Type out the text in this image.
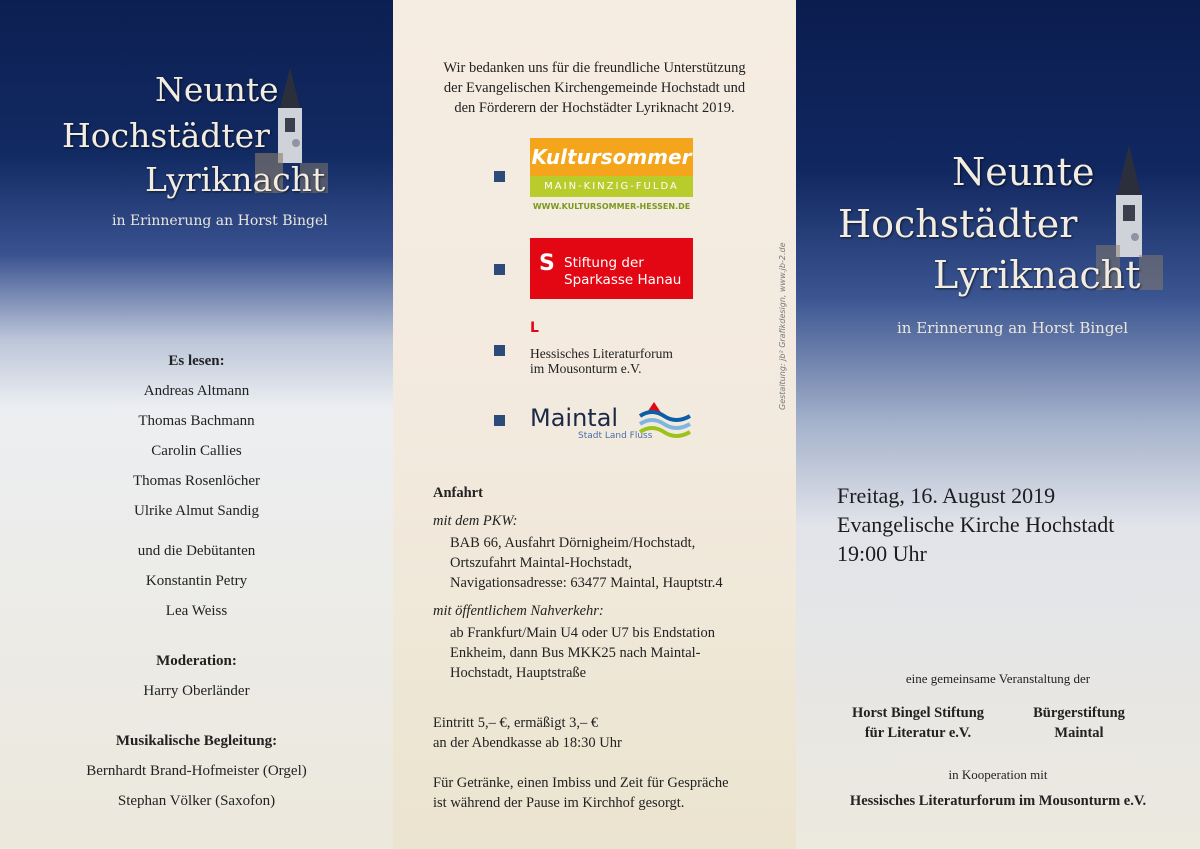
Neunte
Hochstädter
Lyriknacht
in Erinnerung an Horst Bingel
Es lesen:
Andreas Altmann
Thomas Bachmann
Carolin Callies
Thomas Rosenlöcher
Ulrike Almut Sandig
und die Debütanten
Konstantin Petry
Lea Weiss
Moderation:
Harry Oberländer
Musikalische Begleitung:
Bernhardt Brand-Hofmeister (Orgel)
Stephan Völker (Saxofon)
Wir bedanken uns für die freundliche Unterstützung
der Evangelischen Kirchengemeinde Hochstadt und
den Förderern der Hochstädter Lyriknacht 2019.
Kultursommer
MAIN-KINZIG-FULDA
WWW.KULTURSOMMER-HESSEN.DE
S Stiftung der
Sparkasse Hanau
L
Hessisches Literaturforum
im Mousonturm e.V.
Maintal
Stadt Land Fluss
Gestaltung: jb² Grafikdesign, www.jb-2.de
Anfahrt
mit dem PKW:
BAB 66, Ausfahrt Dörnigheim/Hochstadt,
Ortszufahrt Maintal-Hochstadt,
Navigationsadresse: 63477 Maintal, Hauptstr.4
mit öffentlichem Nahverkehr:
ab Frankfurt/Main U4 oder U7 bis Endstation
Enkheim, dann Bus MKK25 nach Maintal-
Hochstadt, Hauptstraße
Eintritt 5,– €, ermäßigt 3,– €
an der Abendkasse ab 18:30 Uhr
Für Getränke, einen Imbiss und Zeit für Gespräche
ist während der Pause im Kirchhof gesorgt.
Neunte
Hochstädter
Lyriknacht
in Erinnerung an Horst Bingel
Freitag, 16. August 2019
Evangelische Kirche Hochstadt
19:00 Uhr
eine gemeinsame Veranstaltung der
Horst Bingel Stiftung
für Literatur e.V.
Bürgerstiftung
Maintal
in Kooperation mit
Hessisches Literaturforum im Mousonturm e.V.
